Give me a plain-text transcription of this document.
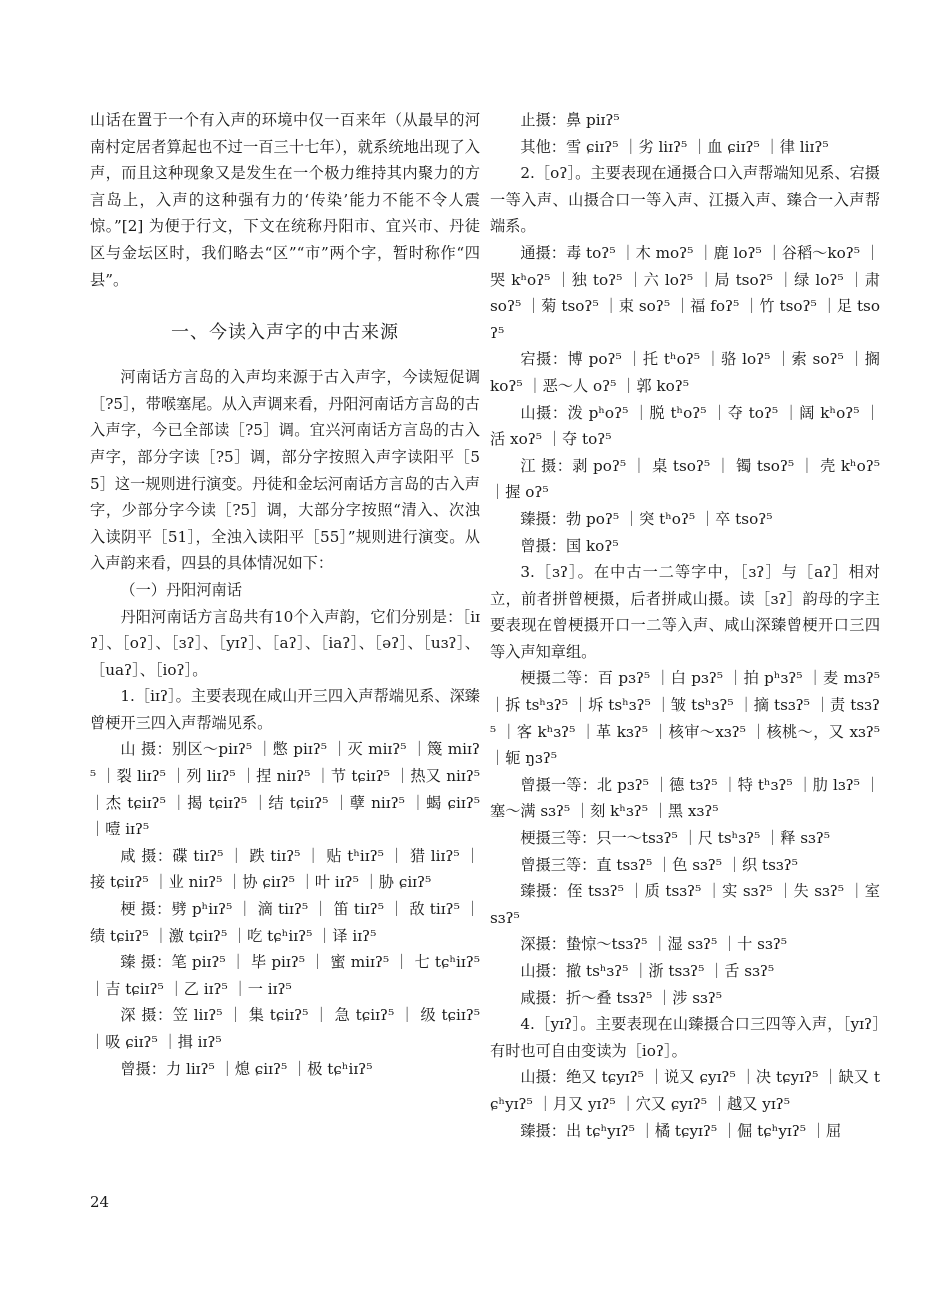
山话在置于一个有入声的环境中仅一百来年（从最早的河南村定居者算起也不过一百三十七年），就系统地出现了入声，而且这种现象又是发生在一个极力维持其内聚力的方言岛上，入声的这种强有力的‘传染’能力不能不令人震惊。”[2] 为便于行文，下文在统称丹阳市、宜兴市、丹徒区与金坛区时，我们略去“区”“市”两个字，暂时称作“四县”。

一、今读入声字的中古来源

河南话方言岛的入声均来源于古入声字，今读短促调［?5］，带喉塞尾。从入声调来看，丹阳河南话方言岛的古入声字，今已全部读［?5］调。宜兴河南话方言岛的古入声字，部分字读［?5］调，部分字按照入声字读阳平［55］这一规则进行演变。丹徒和金坛河南话方言岛的古入声字，少部分字今读［?5］调，大部分字按照“清入、次浊入读阴平［51］，全浊入读阳平［55］”规则进行演变。从入声韵来看，四县的具体情况如下：

（一）丹阳河南话

丹阳河南话方言岛共有10个入声韵，它们分别是：［iɪʔ］、［oʔ］、［ɜʔ］、［yɪʔ］、［aʔ］、［iaʔ］、［əʔ］、［uɜʔ］、［uaʔ］、［ioʔ］。

1.［iɪʔ］。主要表现在咸山开三四入声帮端见系、深臻曾梗开三四入声帮端见系。

山 摄：别区～piɪʔ⁵ ｜憋 piɪʔ⁵ ｜灭 miɪʔ⁵ ｜篾 miɪʔ⁵ ｜裂 liɪʔ⁵ ｜列 liɪʔ⁵ ｜捏 niɪʔ⁵ ｜节 tɕiɪʔ⁵ ｜热又 niɪʔ⁵ ｜杰 tɕiɪʔ⁵ ｜揭 tɕiɪʔ⁵ ｜结 tɕiɪʔ⁵ ｜孽 niɪʔ⁵ ｜蝎 ɕiɪʔ⁵ ｜噎 iɪʔ⁵

咸 摄：碟 tiɪʔ⁵ ｜ 跌 tiɪʔ⁵ ｜ 贴 tʰiɪʔ⁵ ｜ 猎 liɪʔ⁵ ｜接 tɕiɪʔ⁵ ｜业 niɪʔ⁵ ｜协 ɕiɪʔ⁵ ｜叶 iɪʔ⁵ ｜胁 ɕiɪʔ⁵

梗 摄：劈 pʰiɪʔ⁵ ｜ 滴 tiɪʔ⁵ ｜ 笛 tiɪʔ⁵ ｜ 敌 tiɪʔ⁵ ｜绩 tɕiɪʔ⁵ ｜激 tɕiɪʔ⁵ ｜吃 tɕʰiɪʔ⁵ ｜译 iɪʔ⁵

臻 摄：笔 piɪʔ⁵ ｜ 毕 piɪʔ⁵ ｜ 蜜 miɪʔ⁵ ｜ 七 tɕʰiɪʔ⁵ ｜吉 tɕiɪʔ⁵ ｜乙 iɪʔ⁵ ｜一 iɪʔ⁵

深 摄：笠 liɪʔ⁵ ｜ 集 tɕiɪʔ⁵ ｜ 急 tɕiɪʔ⁵ ｜ 级 tɕiɪʔ⁵ ｜吸 ɕiɪʔ⁵ ｜揖 iɪʔ⁵

曾摄：力 liɪʔ⁵ ｜熄 ɕiɪʔ⁵ ｜极 tɕʰiɪʔ⁵

止摄：鼻 piɪʔ⁵

其他：雪 ɕiɪʔ⁵ ｜劣 liɪʔ⁵ ｜血 ɕiɪʔ⁵ ｜律 liɪʔ⁵

2.［oʔ］。主要表现在通摄合口入声帮端知见系、宕摄一等入声、山摄合口一等入声、江摄入声、臻合一入声帮端系。

通摄：毒 toʔ⁵ ｜木 moʔ⁵ ｜鹿 loʔ⁵ ｜谷稻～koʔ⁵ ｜哭 kʰoʔ⁵ ｜独 toʔ⁵ ｜六 loʔ⁵ ｜局 tsoʔ⁵ ｜绿 loʔ⁵ ｜肃 soʔ⁵ ｜菊 tsoʔ⁵ ｜束 soʔ⁵ ｜福 foʔ⁵ ｜竹 tsoʔ⁵ ｜足 tsoʔ⁵

宕摄：博 poʔ⁵ ｜托 tʰoʔ⁵ ｜骆 loʔ⁵ ｜索 soʔ⁵ ｜搁 koʔ⁵ ｜恶～人 oʔ⁵ ｜郭 koʔ⁵

山摄：泼 pʰoʔ⁵ ｜脱 tʰoʔ⁵ ｜夺 toʔ⁵ ｜阔 kʰoʔ⁵ ｜活 xoʔ⁵ ｜夺 toʔ⁵

江 摄：剥 poʔ⁵ ｜ 桌 tsoʔ⁵ ｜ 镯 tsoʔ⁵ ｜ 壳 kʰoʔ⁵ ｜握 oʔ⁵

臻摄：勃 poʔ⁵ ｜突 tʰoʔ⁵ ｜卒 tsoʔ⁵

曾摄：国 koʔ⁵

3.［ɜʔ］。在中古一二等字中，［ɜʔ］与［aʔ］相对立，前者拼曾梗摄，后者拼咸山摄。读［ɜʔ］韵母的字主要表现在曾梗摄开口一二等入声、咸山深臻曾梗开口三四等入声知章组。

梗摄二等：百 pɜʔ⁵ ｜白 pɜʔ⁵ ｜拍 pʰɜʔ⁵ ｜麦 mɜʔ⁵ ｜拆 tsʰɜʔ⁵ ｜坼 tsʰɜʔ⁵ ｜皱 tsʰɜʔ⁵ ｜摘 tsɜʔ⁵ ｜责 tsɜʔ⁵ ｜客 kʰɜʔ⁵ ｜革 kɜʔ⁵ ｜核审～xɜʔ⁵ ｜核桃～，又 xɜʔ⁵ ｜轭 ŋɜʔ⁵

曾摄一等：北 pɜʔ⁵ ｜德 tɜʔ⁵ ｜特 tʰɜʔ⁵ ｜肋 lɜʔ⁵ ｜塞～满 sɜʔ⁵ ｜刻 kʰɜʔ⁵ ｜黑 xɜʔ⁵

梗摄三等：只一～tsɜʔ⁵ ｜尺 tsʰɜʔ⁵ ｜释 sɜʔ⁵

曾摄三等：直 tsɜʔ⁵ ｜色 sɜʔ⁵ ｜织 tsɜʔ⁵

臻摄：侄 tsɜʔ⁵ ｜质 tsɜʔ⁵ ｜实 sɜʔ⁵ ｜失 sɜʔ⁵ ｜室 sɜʔ⁵

深摄：蛰惊～tsɜʔ⁵ ｜湿 sɜʔ⁵ ｜十 sɜʔ⁵

山摄：撤 tsʰɜʔ⁵ ｜浙 tsɜʔ⁵ ｜舌 sɜʔ⁵

咸摄：折～叠 tsɜʔ⁵ ｜涉 sɜʔ⁵

4.［yɪʔ］。主要表现在山臻摄合口三四等入声，［yɪʔ］有时也可自由变读为［ioʔ］。

山摄：绝又 tɕyɪʔ⁵ ｜说又 ɕyɪʔ⁵ ｜决 tɕyɪʔ⁵ ｜缺又 tɕʰyɪʔ⁵ ｜月又 yɪʔ⁵ ｜穴又 ɕyɪʔ⁵ ｜越又 yɪʔ⁵

臻摄：出 tɕʰyɪʔ⁵ ｜橘 tɕyɪʔ⁵ ｜倔 tɕʰyɪʔ⁵ ｜屈

24
